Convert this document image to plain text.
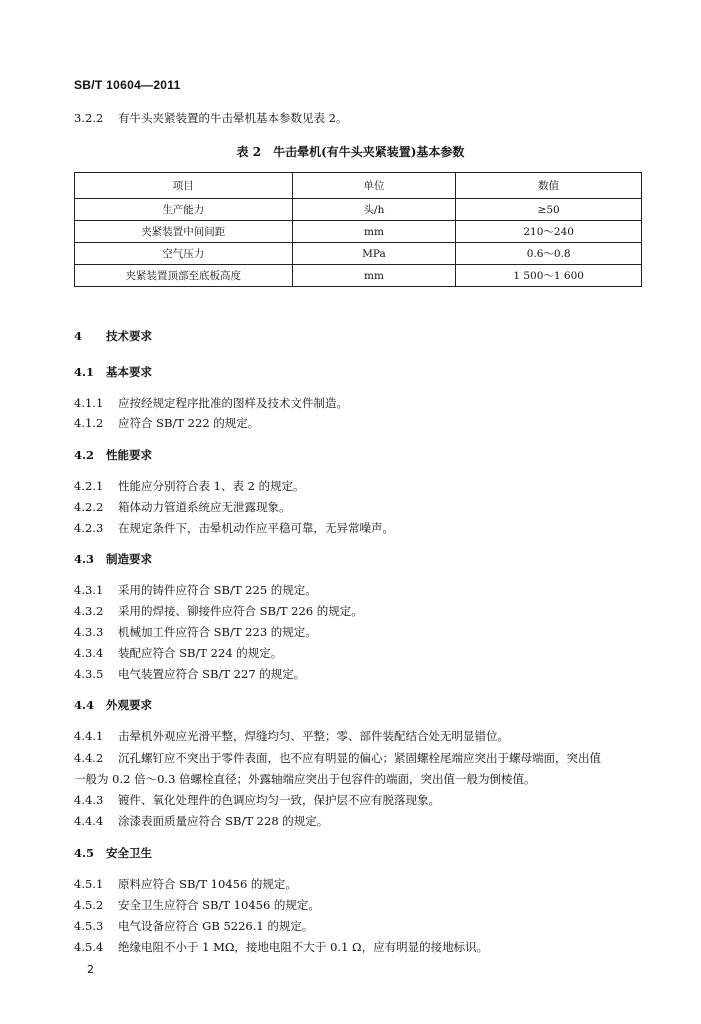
SB/T 10604—2011
3.2.2 有牛头夹紧装置的牛击晕机基本参数见表 2。
表 2　牛击晕机(有牛头夹紧装置)基本参数
项目	单位	数值
生产能力	头/h	≥50
夹紧装置中间间距	mm	210～240
空气压力	MPa	0.6～0.8
夹紧装置顶部至底板高度	mm	1 500～1 600
4 技术要求
4.1 基本要求
4.1.1 应按经规定程序批准的图样及技术文件制造。
4.1.2 应符合 SB/T 222 的规定。
4.2 性能要求
4.2.1 性能应分别符合表 1、表 2 的规定。
4.2.2 箱体动力管道系统应无泄露现象。
4.2.3 在规定条件下，击晕机动作应平稳可靠，无异常噪声。
4.3 制造要求
4.3.1 采用的铸件应符合 SB/T 225 的规定。
4.3.2 采用的焊接、铆接件应符合 SB/T 226 的规定。
4.3.3 机械加工件应符合 SB/T 223 的规定。
4.3.4 装配应符合 SB/T 224 的规定。
4.3.5 电气装置应符合 SB/T 227 的规定。
4.4 外观要求
4.4.1 击晕机外观应光滑平整，焊缝均匀、平整；零、部件装配结合处无明显错位。
4.4.2 沉孔螺钉应不突出于零件表面，也不应有明显的偏心；紧固螺栓尾端应突出于螺母端面，突出值
一般为 0.2 倍～0.3 倍螺栓直径；外露轴端应突出于包容件的端面，突出值一般为倒棱值。
4.4.3 镀件、氧化处理件的色调应均匀一致，保护层不应有脱落现象。
4.4.4 涂漆表面质量应符合 SB/T 228 的规定。
4.5 安全卫生
4.5.1 原料应符合 SB/T 10456 的规定。
4.5.2 安全卫生应符合 SB/T 10456 的规定。
4.5.3 电气设备应符合 GB 5226.1 的规定。
4.5.4 绝缘电阻不小于 1 MΩ，接地电阻不大于 0.1 Ω，应有明显的接地标识。
2
